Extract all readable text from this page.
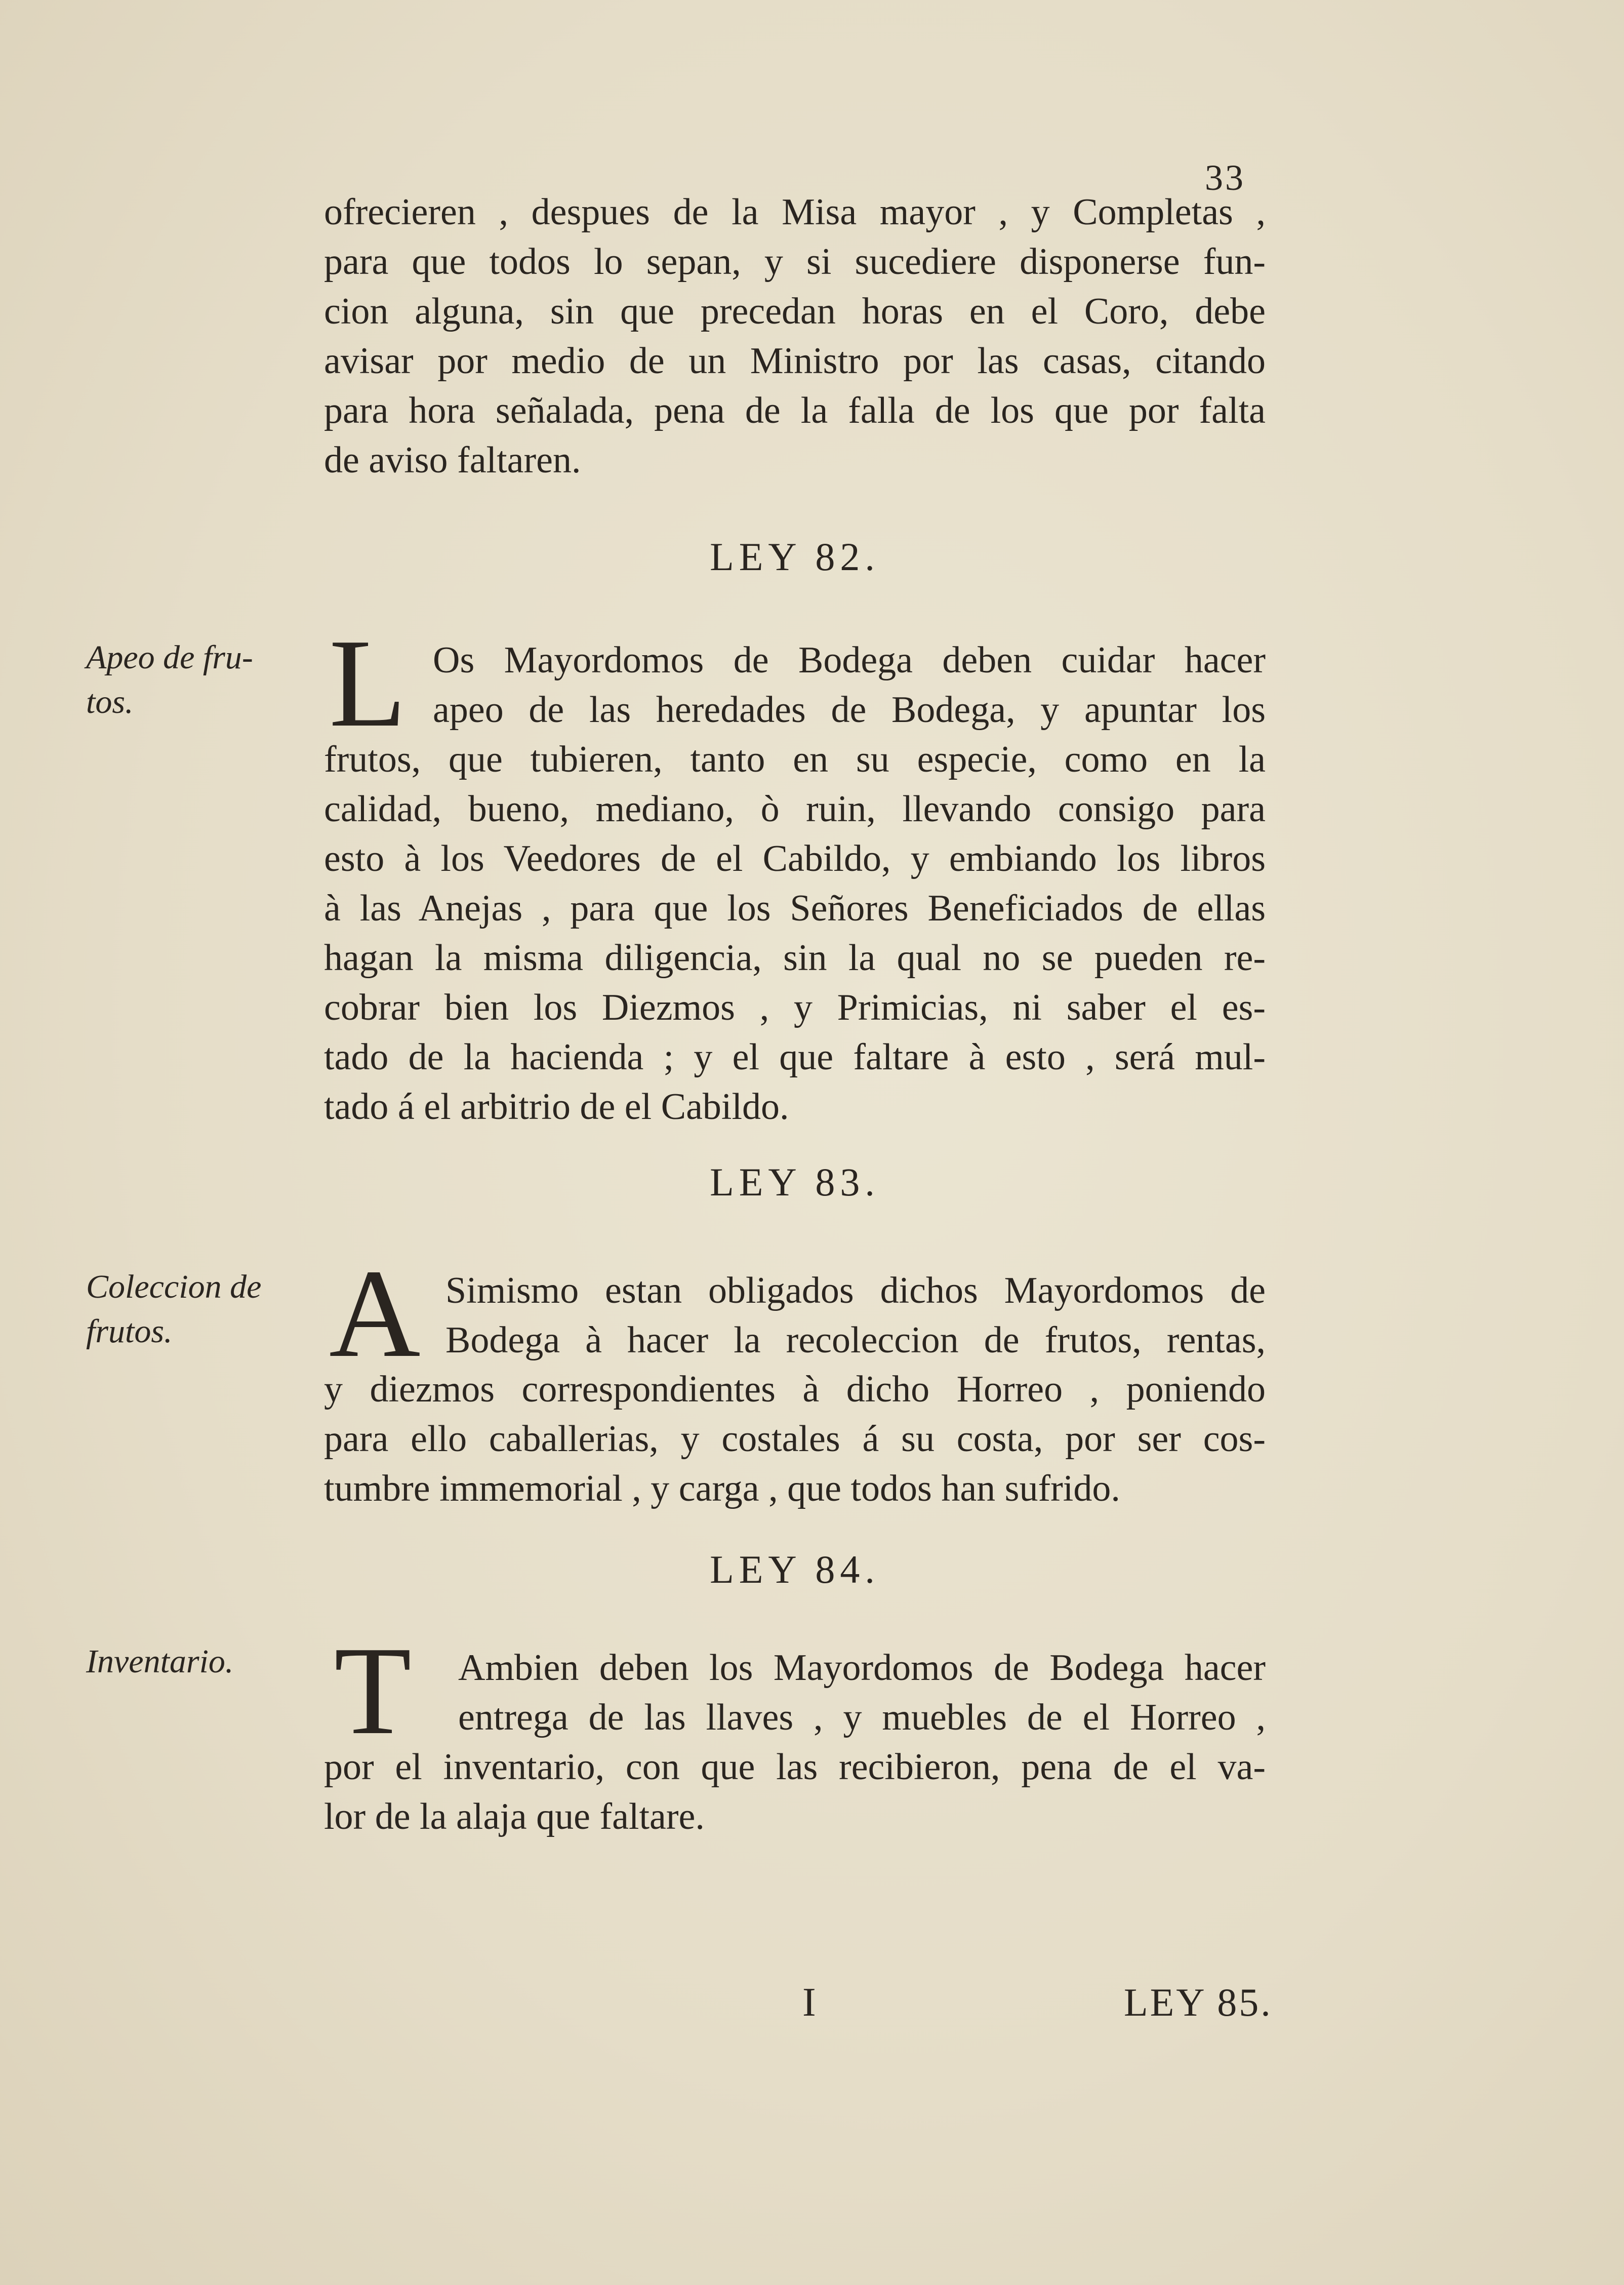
33
ofrecieren , despues de la Misa mayor , y Completas ,
para que todos lo sepan, y si sucediere disponerse fun-
cion alguna, sin que precedan horas en el Coro, debe
avisar por medio de un Ministro por las casas, citando
para hora señalada, pena de la falla de los que por falta
de aviso faltaren.
LEY 82.
Apeo de fru-
tos.	L Os Mayordomos de Bodega deben cuidar hacer
apeo de las heredades de Bodega, y apuntar los
frutos, que tubieren, tanto en su especie, como en la
calidad, bueno, mediano, ò ruin, llevando consigo para
esto à los Veedores de el Cabildo, y embiando los libros
à las Anejas , para que los Señores Beneficiados de ellas
hagan la misma diligencia, sin la qual no se pueden re-
cobrar bien los Diezmos , y Primicias, ni saber el es-
tado de la hacienda ; y el que faltare à esto , será mul-
tado á el arbitrio de el Cabildo.
LEY 83.
Coleccion de
frutos.	A Simismo estan obligados dichos Mayordomos de
Bodega à hacer la recoleccion de frutos, rentas,
y diezmos correspondientes à dicho Horreo , poniendo
para ello caballerias, y costales á su costa, por ser cos-
tumbre immemorial , y carga , que todos han sufrido.
LEY 84.
Inventario. T Ambien deben los Mayordomos de Bodega hacer
entrega de las llaves , y muebles de el Horreo ,
por el inventario, con que las recibieron, pena de el va-
lor de la alaja que faltare.
I	LEY 85.
